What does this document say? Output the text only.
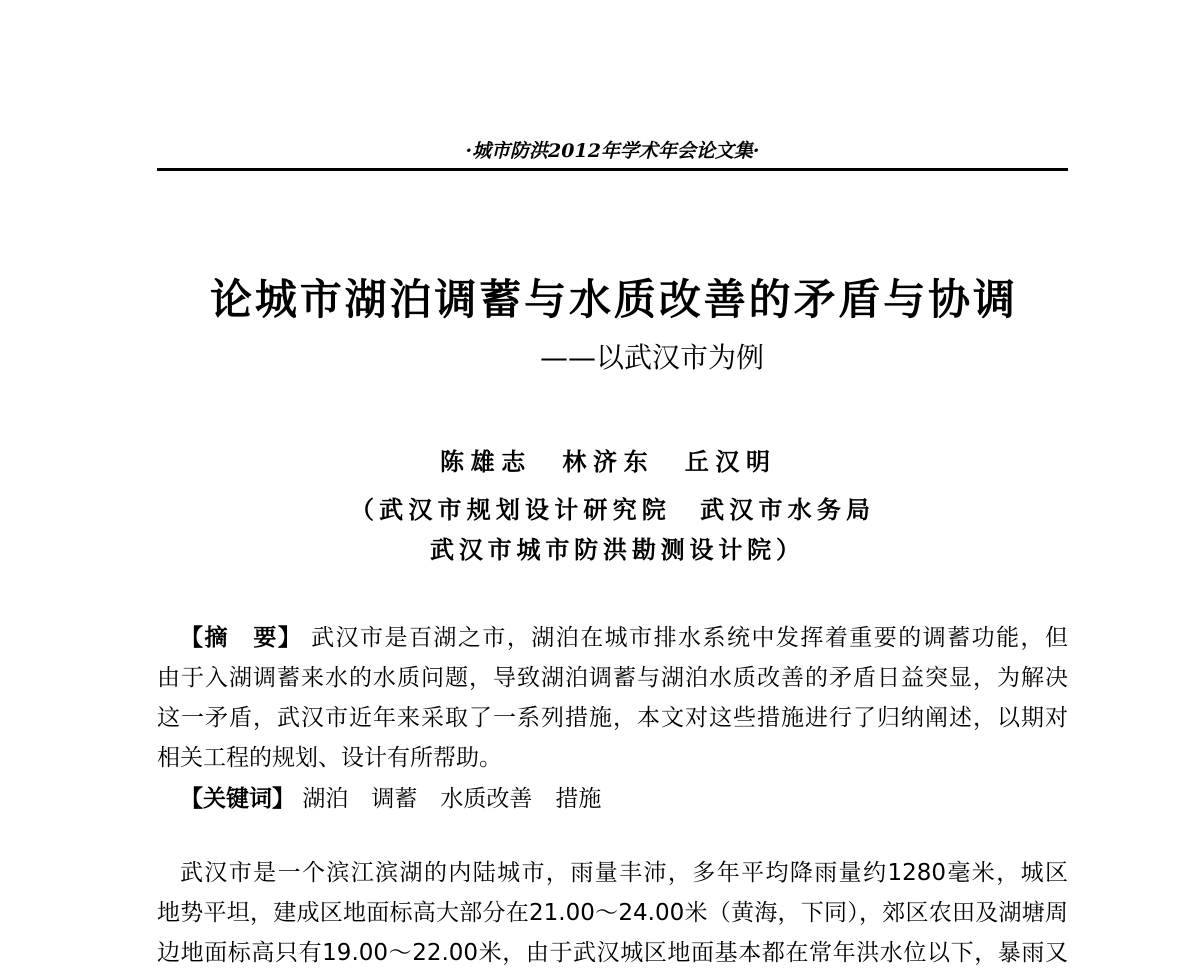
·城市防洪2012年学术年会论文集·
论城市湖泊调蓄与水质改善的矛盾与协调
——以武汉市为例
陈雄志　林济东　丘汉明
（武汉市规划设计研究院　武汉市水务局
武汉市城市防洪勘测设计院）
【摘　要】 武汉市是百湖之市，湖泊在城市排水系统中发挥着重要的调蓄功能，但
由于入湖调蓄来水的水质问题，导致湖泊调蓄与湖泊水质改善的矛盾日益突显，为解决
这一矛盾，武汉市近年来采取了一系列措施，本文对这些措施进行了归纳阐述，以期对
相关工程的规划、设计有所帮助。
【关键词】 湖泊　调蓄　水质改善　措施
武汉市是一个滨江滨湖的内陆城市，雨量丰沛，多年平均降雨量约1280毫米，城区
地势平坦，建成区地面标高大部分在21.00～24.00米（黄海，下同），郊区农田及湖塘周
边地面标高只有19.00～22.00米，由于武汉城区地面基本都在常年洪水位以下，暴雨又
